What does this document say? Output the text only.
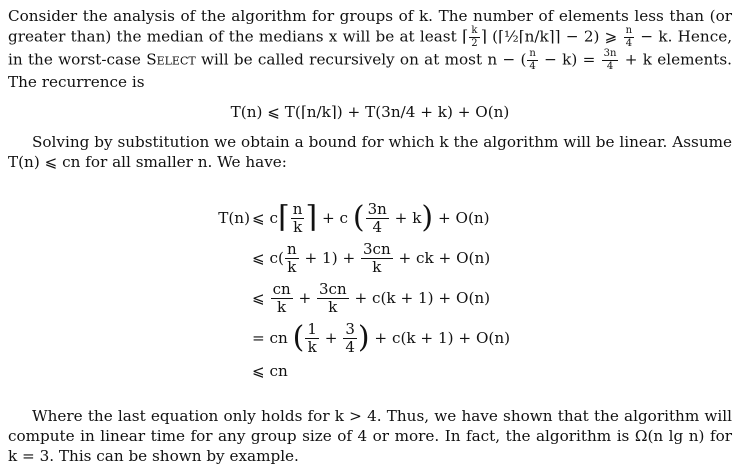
Consider the analysis of the algorithm for groups of k. The number of elements less than (or greater than) the median of the medians x will be at least ⌈ $\frac{k}{2}$ ⌉ (⌈½⌈n/k⌉⌉ − 2) ⩾ $\frac{n}{4} - k$. Hence, in the worst-case Select will be called recursively on at most n − ( $\frac{n}{4} - k) = \frac{3n}{4} + k$ elements. The recurrence is

T(n) ⩽ T(⌈n/k⌉) + T(3n/4 + k) + O(n)

Solving by substitution we obtain a bound for which k the algorithm will be linear. Assume T(n) ⩽ cn for all smaller n. We have:

T(n) ⩽ c ⌈ $\frac{n}{k}$ ⌉
+ c
( $\frac{3n}{4}$
+ k )
+ O(n)
⩽ $c( \frac{n}{k}$
+ 1) +
$\frac{3cn}{k}$
+ ck + O(n)
⩽
$\frac{cn}{k}$
+
$\frac{3cn}{k}$
+ c(k + 1) + O(n)
= cn
( $\frac{1}{k}$
+
$\frac{3}{4}$ )
+ c(k + 1) + O(n)
⩽ cn

Where the last equation only holds for k > 4. Thus, we have shown that the algorithm will compute in linear time for any group size of 4 or more. In fact, the algorithm is Ω(n lg n) for k = 3. This can be shown by example.
